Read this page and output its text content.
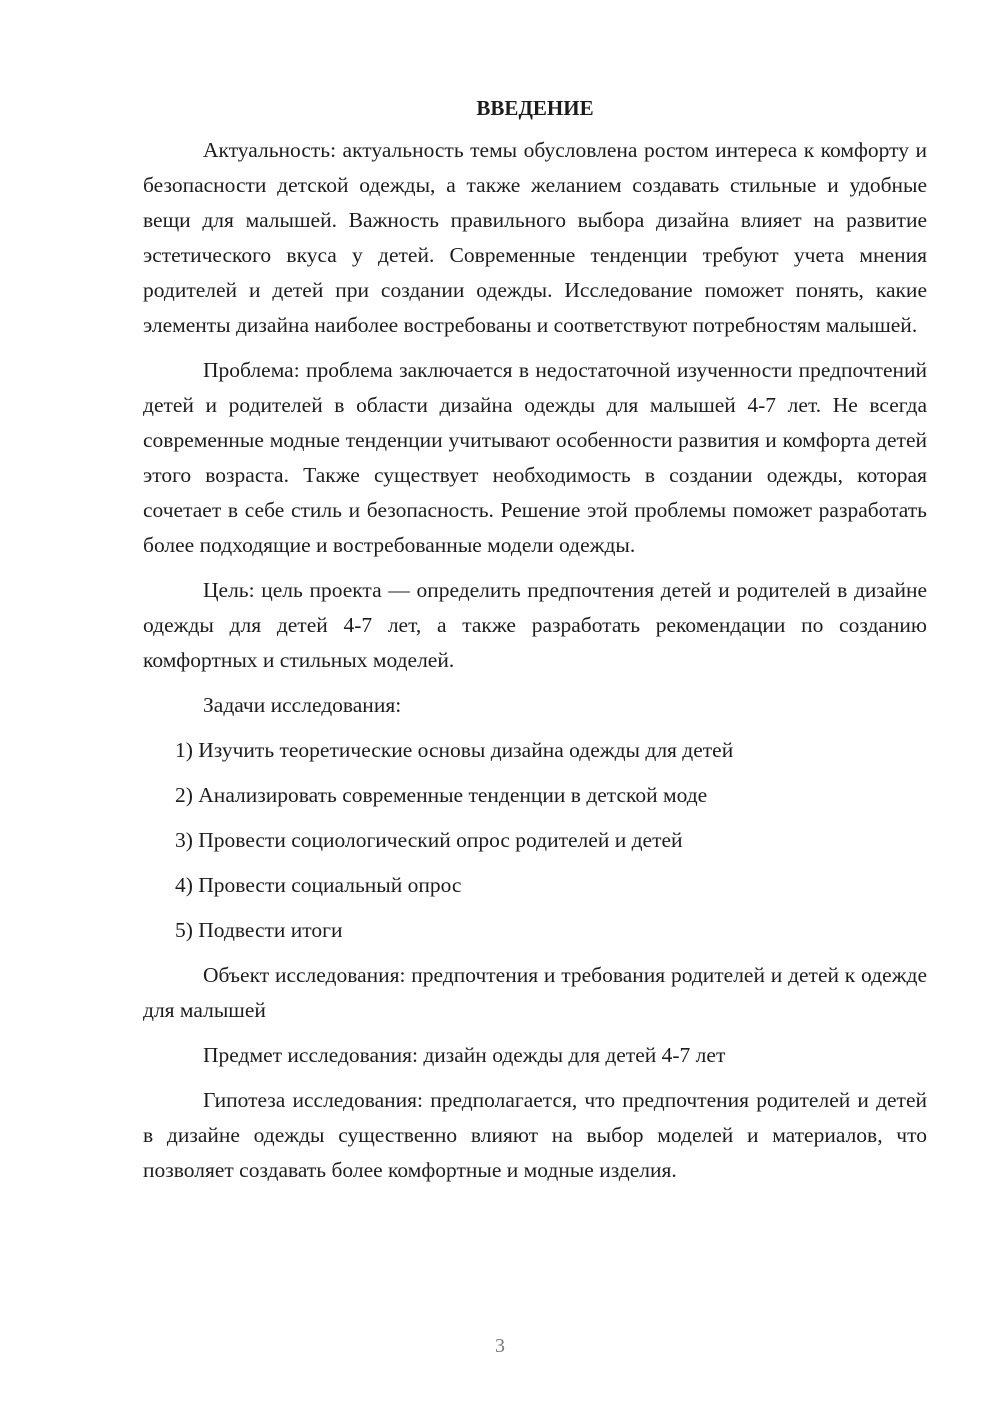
ВВЕДЕНИЕ

Актуальность: актуальность темы обусловлена ростом интереса к комфорту и безопасности детской одежды, а также желанием создавать стильные и удобные вещи для малышей. Важность правильного выбора дизайна влияет на развитие эстетического вкуса у детей. Современные тенденции требуют учета мнения родителей и детей при создании одежды. Исследование поможет понять, какие элементы дизайна наиболее востребованы и соответствуют потребностям малышей.

Проблема: проблема заключается в недостаточной изученности предпочтений детей и родителей в области дизайна одежды для малышей 4-7 лет. Не всегда современные модные тенденции учитывают особенности развития и комфорта детей этого возраста. Также существует необходимость в создании одежды, которая сочетает в себе стиль и безопасность. Решение этой проблемы поможет разработать более подходящие и востребованные модели одежды.

Цель: цель проекта — определить предпочтения детей и родителей в дизайне одежды для детей 4-7 лет, а также разработать рекомендации по созданию комфортных и стильных моделей.

Задачи исследования:

1) Изучить теоретические основы дизайна одежды для детей
2) Анализировать современные тенденции в детской моде
3) Провести социологический опрос родителей и детей
4) Провести социальный опрос
5) Подвести итоги

Объект исследования: предпочтения и требования родителей и детей к одежде для малышей

Предмет исследования: дизайн одежды для детей 4-7 лет

Гипотеза исследования: предполагается, что предпочтения родителей и детей в дизайне одежды существенно влияют на выбор моделей и материалов, что позволяет создавать более комфортные и модные изделия.

3
